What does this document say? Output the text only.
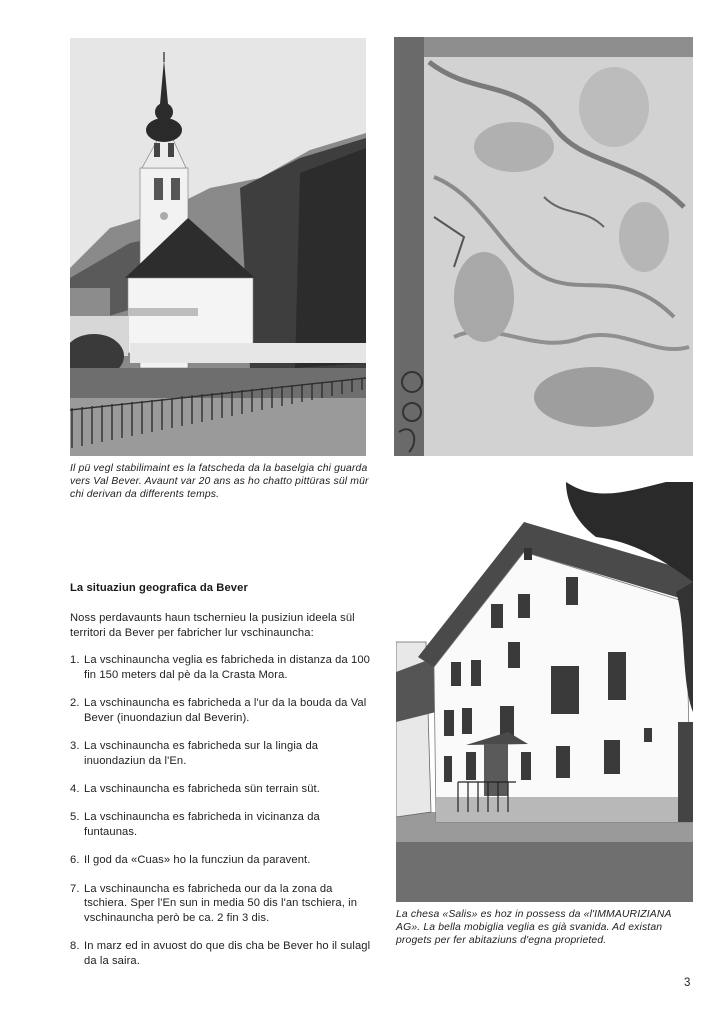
Il pü vegl stabilimaint es la fatscheda da la baselgia chi guarda vers Val Bever. Avaunt var 20 ans as ho chatto pittüras sül mür chi derivan da differents temps.

La situaziun geografica da Bever

Noss perdavaunts haun tschernieu la pusiziun ideela sül territori da Bever per fabricher lur vschinauncha:

1. La vschinauncha veglia es fabricheda in distanza da 100 fin 150 meters dal pè da la Crasta Mora.
2. La vschinauncha es fabricheda a l'ur da la bouda da Val Bever (inuondaziun dal Beverin).
3. La vschinauncha es fabricheda sur la lingia da inuondaziun da l'En.
4. La vschinauncha es fabricheda sün terrain süt.
5. La vschinauncha es fabricheda in vicinanza da funtaunas.
6. Il god da «Cuas» ho la funcziun da paravent.
7. La vschinauncha es fabricheda our da la zona da tschiera. Sper l'En sun in media 50 dis l'an tschiera, in vschinauncha però be ca. 2 fin 3 dis.
8. In marz ed in avuost do que dis cha be Bever ho il sulagl da la saira.

La chesa «Salis» es hoz in possess da «l'IMMAURIZIANA AG». La bella mobiglia veglia es già svanida. Ad existan progets per fer abitaziuns d'egna proprieted.

3
